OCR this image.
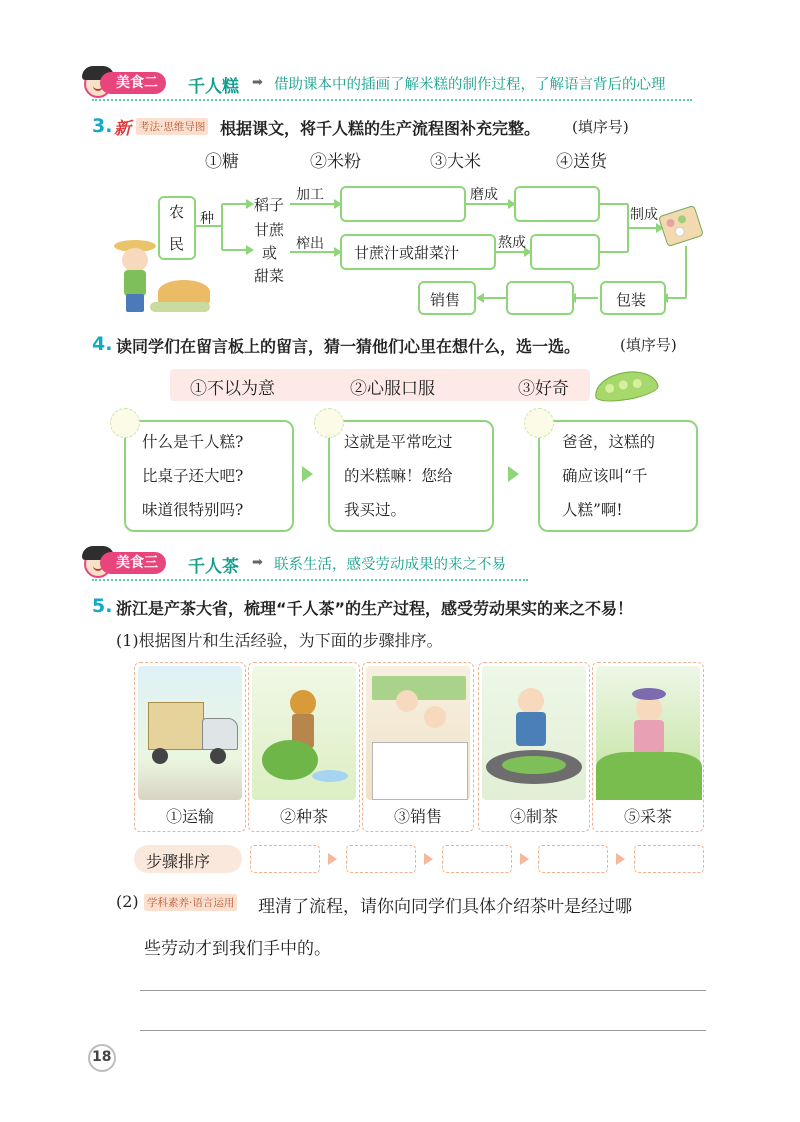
美食二	千人糕 ➡ 借助课本中的插画了解米糕的制作过程，了解语言背后的心理
3. 新 考法·思维导图 根据课文，将千人糕的生产流程图补充完整。 (填序号)
①糖	②米粉	③大米	④送货
农
民
种
稻子
甘蔗
或
甜菜
加工	磨成
榨出 甘蔗汁或甜菜汁
熬成
制成
包装
销售
4. 读同学们在留言板上的留言，猜一猜他们心里在想什么，选一选。	(填序号)
①不以为意	②心服口服	③好奇
什么是千人糕?
比桌子还大吧?
味道很特别吗?
这就是平常吃过
的米糕嘛！您给
我买过。
爸爸，这糕的
确应该叫“千
人糕”啊!
美食三	千人茶 ➡ 联系生活，感受劳动成果的来之不易
5. 浙江是产茶大省，梳理“千人茶”的生产过程，感受劳动果实的来之不易！
(1)根据图片和生活经验，为下面的步骤排序。
①运输	②种茶	③销售	④制茶	⑤采茶
步骤排序
(2) 学科素养·语言运用 理清了流程，请你向同学们具体介绍茶叶是经过哪
些劳动才到我们手中的。
18
